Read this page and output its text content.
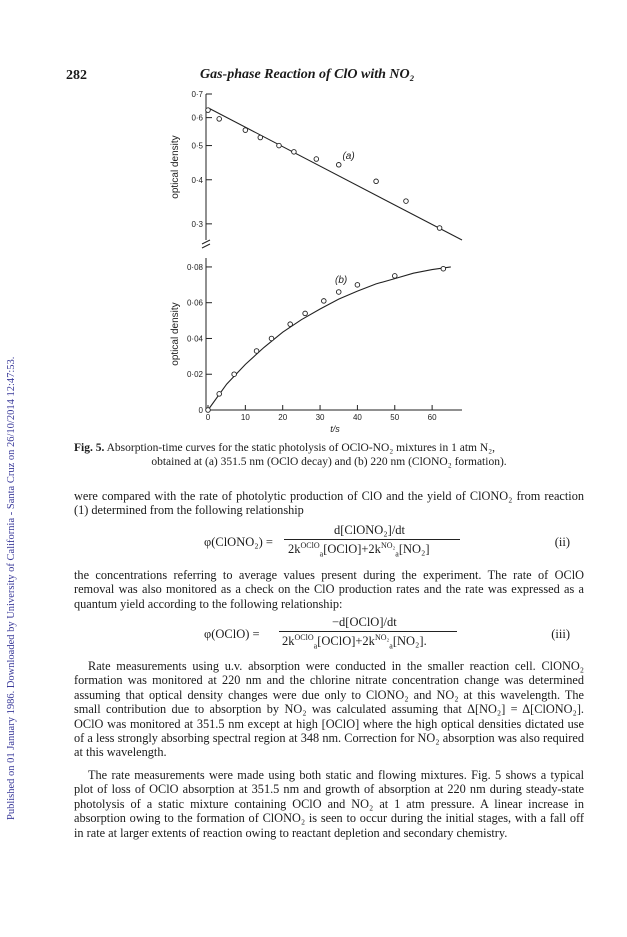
Published on 01 January 1986. Downloaded by University of California - Santa Cruz on 26/10/2014 12:47:53.
282	Gas-phase Reaction of ClO with NO₂
0·7
0·6
0·5
0·4
0·3
optical density	(a)
0·08
0·06
0·04
0·02
0
0	10	20	30	40	50	60
t/s
optical density
(b)
Fig. 5. Absorption-time curves for the static photolysis of OClO-NO₂ mixtures in 1 atm N₂,
obtained at (a) 351.5 nm (OClO decay) and (b) 220 nm (ClONO₂ formation).
were compared with the rate of photolytic production of ClO and the yield of ClONO₂ from reaction (1) determined from the following relationship
φ(ClONO₂) =
d[ClONO₂]/dt
$2k^{OClO}_a[OClO]+2k^{NO_2}_a[NO_2]$
(ii)
the concentrations referring to average values present during the experiment. The rate of OClO removal was also monitored as a check on the ClO production rates and the rate was expressed as a quantum yield according to the following relationship:
φ(OClO) =
−d[OClO]/dt
$2k^{OClO}_a[OClO]+2k^{NO_2}_a[NO_2]$.
(iii)
Rate measurements using u.v. absorption were conducted in the smaller reaction cell. ClONO₂ formation was monitored at 220 nm and the chlorine nitrate concentration change was determined assuming that optical density changes were due only to ClONO₂ and NO₂ at this wavelength. The small contribution due to absorption by NO₂ was calculated assuming that Δ[NO₂] = Δ[ClONO₂]. OClO was monitored at 351.5 nm except at high [OClO] where the high optical densities dictated use of a less strongly absorbing spectral region at 348 nm. Correction for NO₂ absorption was also required at this wavelength.
The rate measurements were made using both static and flowing mixtures. Fig. 5 shows a typical plot of loss of OClO absorption at 351.5 nm and growth of absorption at 220 nm during steady-state photolysis of a static mixture containing OClO and NO₂ at 1 atm pressure. A linear increase in absorption owing to the formation of ClONO₂ is seen to occur during the initial stages, with a fall off in rate at larger extents of reaction owing to reactant depletion and secondary chemistry.
